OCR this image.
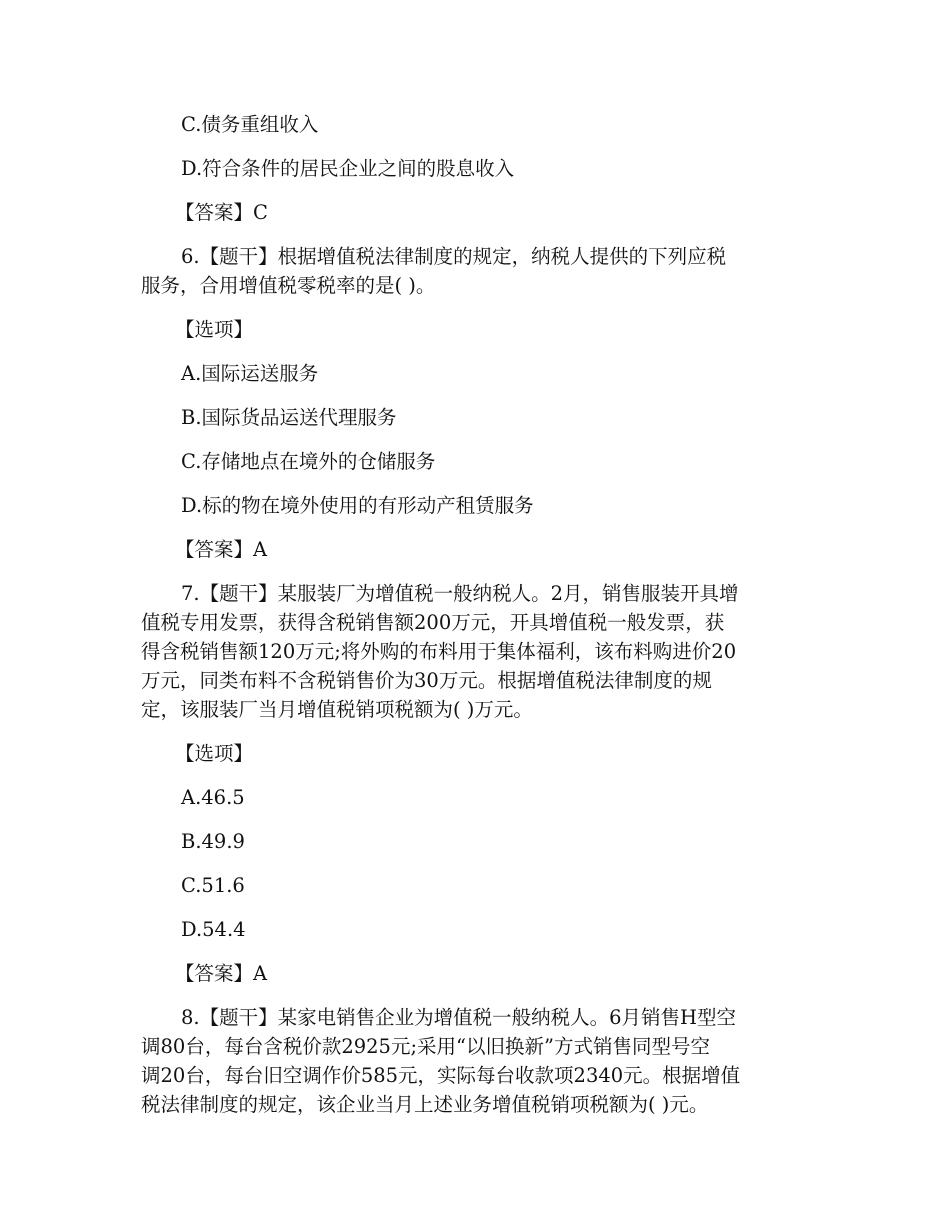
C.债务重组收入

D.符合条件的居民企业之间的股息收入

【答案】C

6.【题干】根据增值税法律制度的规定，纳税人提供的下列应税
服务，合用增值税零税率的是( )。

【选项】

A.国际运送服务

B.国际货品运送代理服务

C.存储地点在境外的仓储服务

D.标的物在境外使用的有形动产租赁服务

【答案】A

7.【题干】某服装厂为增值税一般纳税人。2月，销售服装开具增
值税专用发票，获得含税销售额200万元，开具增值税一般发票，获
得含税销售额120万元;将外购的布料用于集体福利，该布料购进价20
万元，同类布料不含税销售价为30万元。根据增值税法律制度的规
定，该服装厂当月增值税销项税额为( )万元。

【选项】

A.46.5

B.49.9

C.51.6

D.54.4

【答案】A

8.【题干】某家电销售企业为增值税一般纳税人。6月销售H型空
调80台，每台含税价款2925元;采用“以旧换新”方式销售同型号空
调20台，每台旧空调作价585元，实际每台收款项2340元。根据增值
税法律制度的规定，该企业当月上述业务增值税销项税额为( )元。
